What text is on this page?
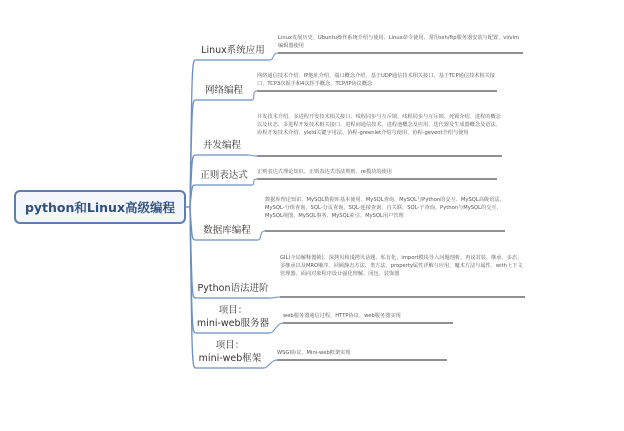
python和Linux高级编程
Linux系统应用
Linux发展历史、Ubuntu操作系统介绍与使用、Linux命令使用、常用ssh/ftp服务器安装与配置、vi/vim编辑器使用
网络编程
网络通信技术介绍、IP地址介绍、端口概念介绍、基于UDP通信技术相关接口、基于TCP通信技术相关接口、TCP3次握手和4次挥手概念、TCP/IP协议概念
并发编程
并发技术介绍、多进程开发技术相关接口、线程同步与互斥锁、线程同步与互斥锁、死锁介绍、进程的概念以及状态、多进程开发技术相关接口、进程间通信技术、进程池概念及应用、迭代器及生成器概念及语法、协程开发技术介绍、yield关键字用法、协程-greenlet介绍与使用、协程-gevent介绍与使用
正则表达式	正则表达式理论知识、正则表达式语法规则、re模块的使用
数据库编程
数据库理论知识、MySQL数据库基本使用、MySQL查询、MySQL与Python的交互、MySQL高级语法、MySQL-分组查询、SQL-分页查询、SQL-连接查询、自关联、SQL-子查询、Python与MySQL的交互、MySQL视图、MySQL事务、MySQL索引、MySQL用户管理
Python语法进阶
GIL(全局解释器锁)、深拷贝和浅拷贝话题、私有化、import模块导入问题剖析、再议封装、继承、多态、多继承以及MRO顺序、回顾静态方法、类方法、property属性详解与应用、魔术方法与属性、with上下文管理器、面向对象程序设计强化理解、闭包、装饰器
项目：
mini-web服务器
web服务器通信过程、HTTP协议、web服务器实现
项目：
mini-web框架	WSGI协议、Mini-web框架实现
